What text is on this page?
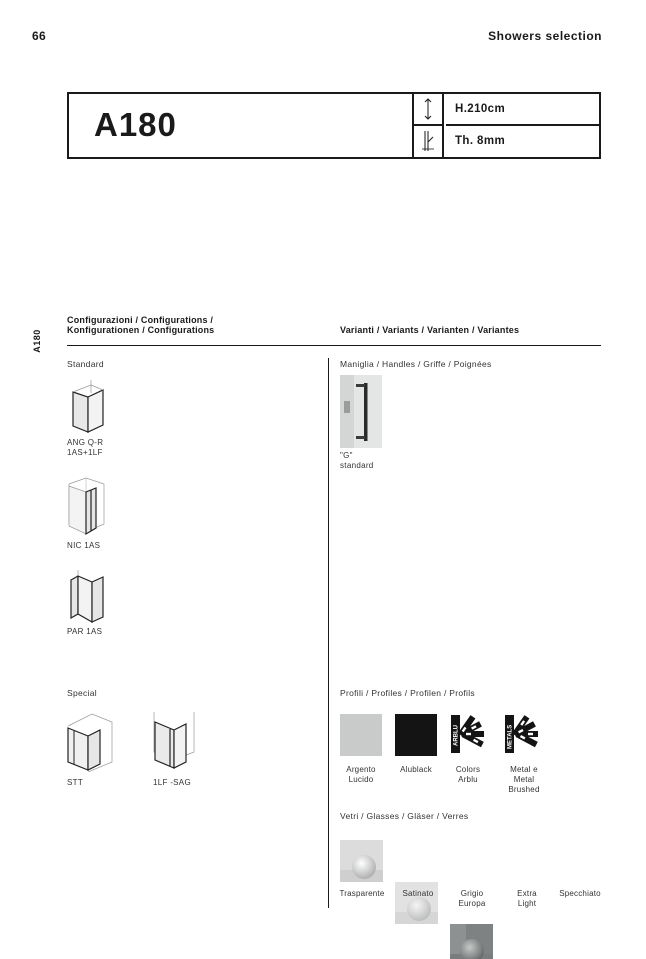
66	Showers selection
A180	H.210cm
Th. 8mm
A180
Configurazioni / Configurations /
Konfigurationen / Configurations	Varianti / Variants / Varianten / Variantes
Standard
ANG Q-R
1AS+1LF
NIC 1AS
PAR 1AS
Special
STT	1LF -SAG
Maniglia / Handles / Griffe / Poignées
"G"
standard
Profili / Profiles / Profilen / Profils
Argento
Lucido
Alublack
ARBLU
Colors
Arblu
METALS
Metal e
Metal
Brushed
Vetri / Glasses / Gläser / Verres
Trasparente	Satinato	Grigio
Europa
Extra
Light
Specchiato
